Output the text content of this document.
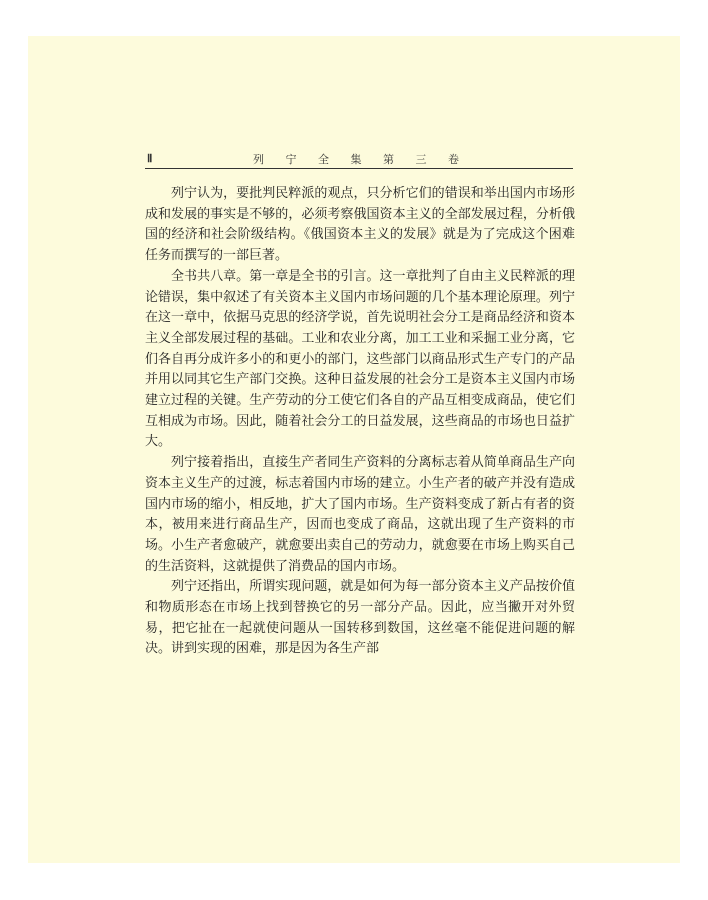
Ⅱ	列 宁 全 集 第 三 卷

列宁认为，要批判民粹派的观点，只分析它们的错误和举出国内市场形成和发展的事实是不够的，必须考察俄国资本主义的全部发展过程，分析俄国的经济和社会阶级结构。《俄国资本主义的发展》就是为了完成这个困难任务而撰写的一部巨著。

全书共八章。第一章是全书的引言。这一章批判了自由主义民粹派的理论错误，集中叙述了有关资本主义国内市场问题的几个基本理论原理。列宁在这一章中，依据马克思的经济学说，首先说明社会分工是商品经济和资本主义全部发展过程的基础。工业和农业分离，加工工业和采掘工业分离，它们各自再分成许多小的和更小的部门，这些部门以商品形式生产专门的产品并用以同其它生产部门交换。这种日益发展的社会分工是资本主义国内市场建立过程的关键。生产劳动的分工使它们各自的产品互相变成商品，使它们互相成为市场。因此，随着社会分工的日益发展，这些商品的市场也日益扩大。

列宁接着指出，直接生产者同生产资料的分离标志着从简单商品生产向资本主义生产的过渡，标志着国内市场的建立。小生产者的破产并没有造成国内市场的缩小，相反地，扩大了国内市场。生产资料变成了新占有者的资本，被用来进行商品生产，因而也变成了商品，这就出现了生产资料的市场。小生产者愈破产，就愈要出卖自己的劳动力，就愈要在市场上购买自己的生活资料，这就提供了消费品的国内市场。

列宁还指出，所谓实现问题，就是如何为每一部分资本主义产品按价值和物质形态在市场上找到替换它的另一部分产品。因此，应当撇开对外贸易，把它扯在一起就使问题从一国转移到数国，这丝毫不能促进问题的解决。讲到实现的困难，那是因为各生产部
